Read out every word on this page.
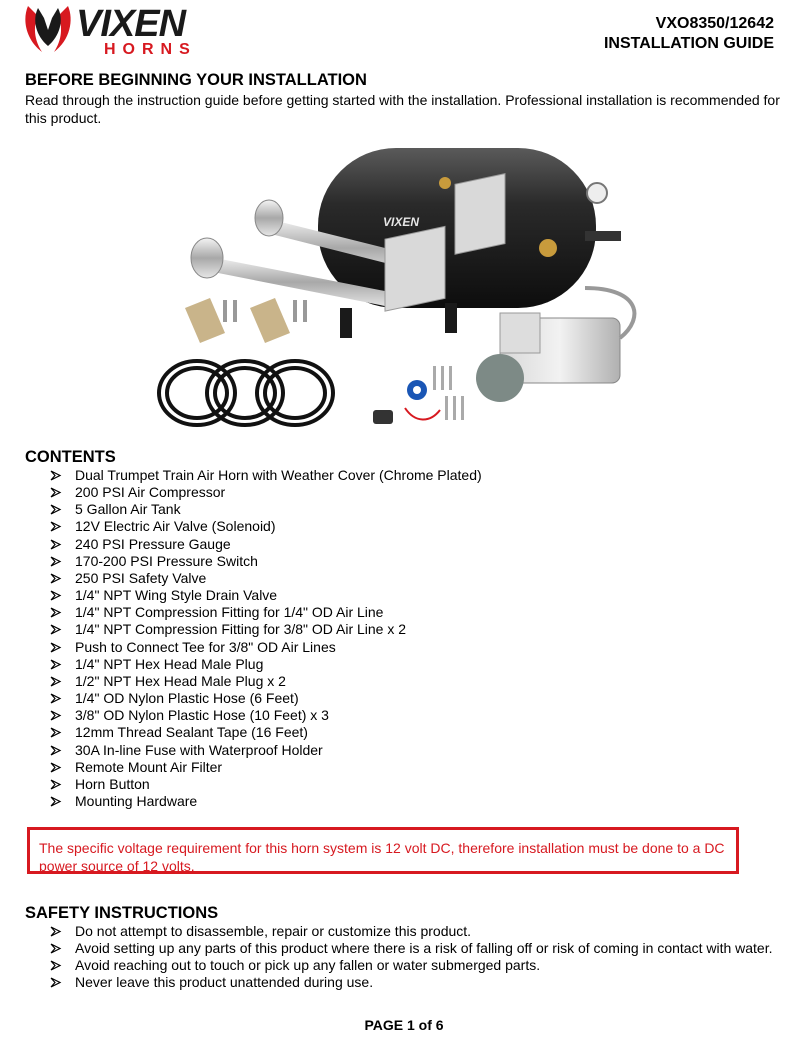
VIXEN
HORNS
VXO8350/12642
INSTALLATION GUIDE
BEFORE BEGINNING YOUR INSTALLATION

Read through the instruction guide before getting started with the installation. Professional installation is recommended for this product.

VIXEN
CONTENTS
Dual Trumpet Train Air Horn with Weather Cover (Chrome Plated)
200 PSI Air Compressor
5 Gallon Air Tank
12V Electric Air Valve (Solenoid)
240 PSI Pressure Gauge
170-200 PSI Pressure Switch
250 PSI Safety Valve
1/4" NPT Wing Style Drain Valve
1/4" NPT Compression Fitting for 1/4" OD Air Line
1/4" NPT Compression Fitting for 3/8" OD Air Line x 2
Push to Connect Tee for 3/8" OD Air Lines
1/4" NPT Hex Head Male Plug
1/2" NPT Hex Head Male Plug x 2
1/4" OD Nylon Plastic Hose (6 Feet)
3/8" OD Nylon Plastic Hose (10 Feet) x 3
12mm Thread Sealant Tape (16 Feet)
30A In-line Fuse with Waterproof Holder
Remote Mount Air Filter
Horn Button
Mounting Hardware
The specific voltage requirement for this horn system is 12 volt DC, therefore installation must be done to a DC power source of 12 volts.
SAFETY INSTRUCTIONS
Do not attempt to disassemble, repair or customize this product.
Avoid setting up any parts of this product where there is a risk of falling off or risk of coming in contact with water.
Avoid reaching out to touch or pick up any fallen or water submerged parts.
Never leave this product unattended during use.
PAGE 1 of 6
